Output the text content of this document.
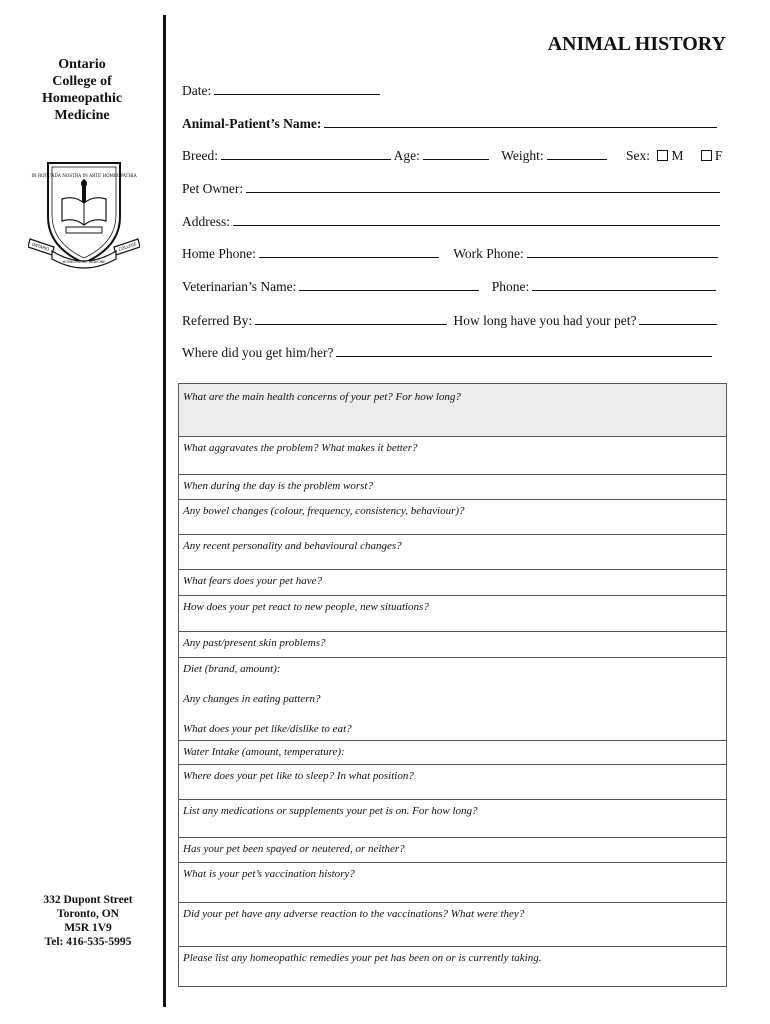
Ontario
College of
Homeopathic
Medicine
IN ROTUNDA NOSTRA IN ARTE HOMEOPATHIA
ONTARIO	COLLEGE
HOMEOPATHIC MEDICINE
332 Dupont Street
Toronto, ON
M5R 1V9
Tel: 416-535-5995
ANIMAL HISTORY
Date:
Animal-Patient’s Name:
Breed:	Age:	Weight:	Sex: M F
Pet Owner:
Address:
Home Phone:	Work Phone:
Veterinarian’s Name:	Phone:
Referred By:	How long have you had your pet?
Where did you get him/her?
What are the main health concerns of your pet? For how long?
What aggravates the problem? What makes it better?
When during the day is the problem worst?
Any bowel changes (colour, frequency, consistency, behaviour)?
Any recent personality and behavioural changes?
What fears does your pet have?
How does your pet react to new people, new situations?
Any past/present skin problems?
Diet (brand, amount):
Any changes in eating pattern?
What does your pet like/dislike to eat?
Water Intake (amount, temperature):
Where does your pet like to sleep? In what position?
List any medications or supplements your pet is on. For how long?
Has your pet been spayed or neutered, or neither?
What is your pet’s vaccination history?
Did your pet have any adverse reaction to the vaccinations? What were they?
Please list any homeopathic remedies your pet has been on or is currently taking.
